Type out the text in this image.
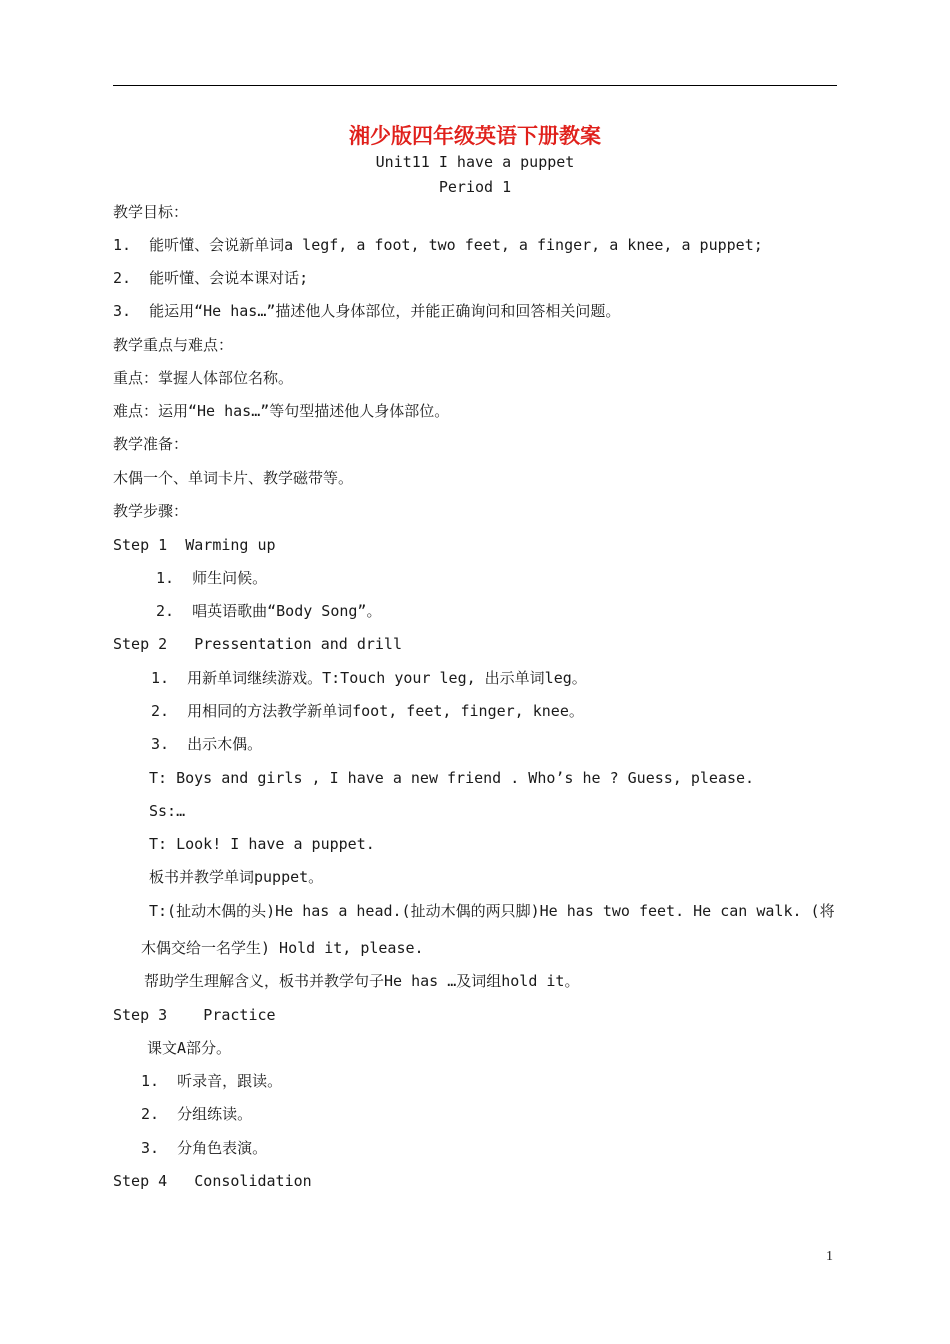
湘少版四年级英语下册教案
Unit11 I have a puppet
Period 1
教学目标：
1.  能听懂、会说新单词a legf, a foot, two feet, a finger, a knee, a puppet;
2.  能听懂、会说本课对话;
3.  能运用“He has…”描述他人身体部位，并能正确询问和回答相关问题。
教学重点与难点：
重点：掌握人体部位名称。
难点：运用“He has…”等句型描述他人身体部位。
教学准备：
木偶一个、单词卡片、教学磁带等。
教学步骤：
Step 1  Warming up
1.  师生问候。
2.  唱英语歌曲“Body Song”。
Step 2   Pressentation and drill
1.  用新单词继续游戏。T:Touch your leg, 出示单词leg。
2.  用相同的方法教学新单词foot, feet, finger, knee。
3.  出示木偶。
T: Boys and girls , I have a new friend . Who’s he ? Guess, please.
Ss:…
T: Look! I have a puppet.
板书并教学单词puppet。
T:(扯动木偶的头)He has a head.(扯动木偶的两只脚)He has two feet. He can walk. (将
木偶交给一名学生) Hold it, please.
帮助学生理解含义，板书并教学句子He has …及词组hold it。
Step 3    Practice
课文A部分。
1.  听录音，跟读。
2.  分组练读。
3.  分角色表演。
Step 4   Consolidation
1
